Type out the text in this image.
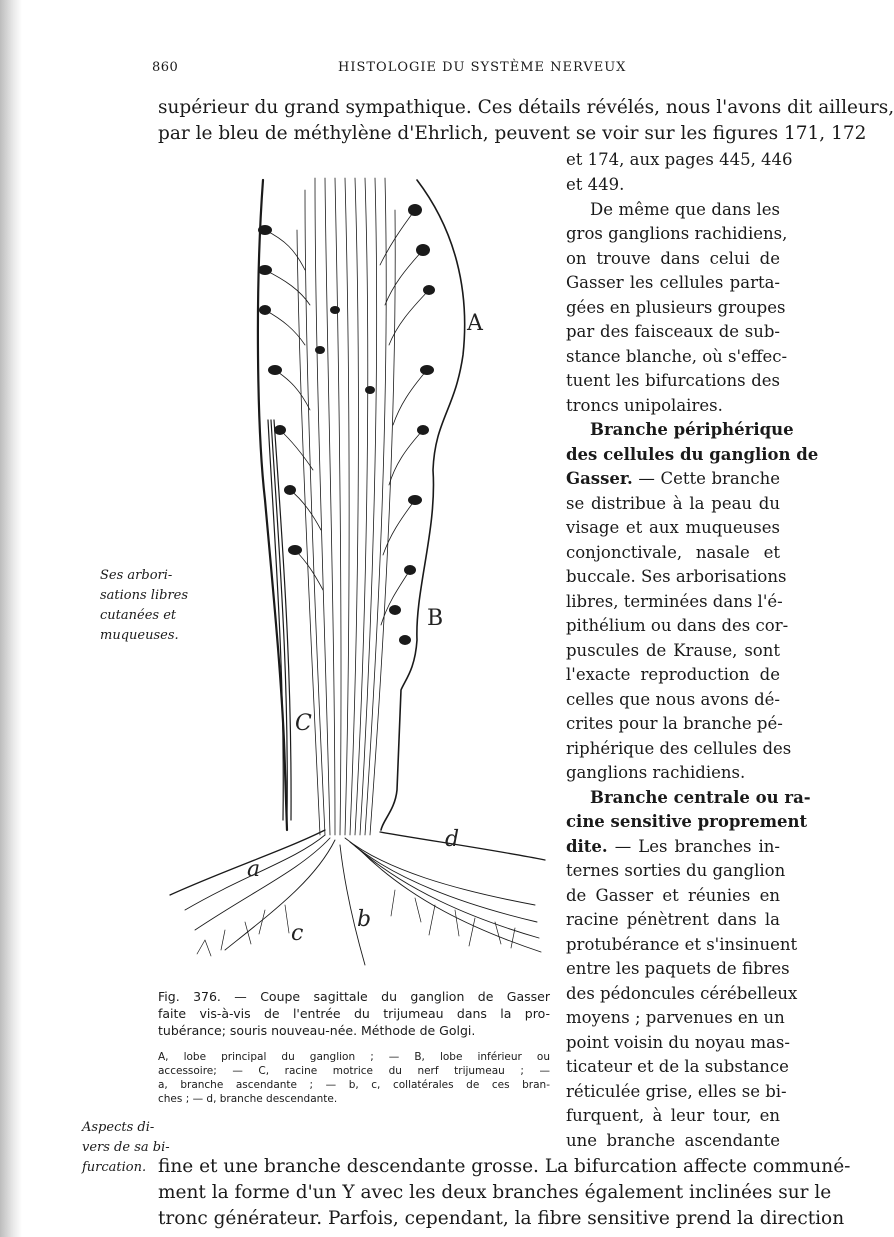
860	HISTOLOGIE DU SYSTÈME NERVEUX
supérieur du grand sympathique. Ces détails révélés, nous l'avons dit ailleurs,
par le bleu de méthylène d'Ehrlich, peuvent se voir sur les figures 171, 172
et 174, aux pages 445, 446
et 449.
De même que dans les
gros ganglions rachidiens,
on trouve dans celui de
Gasser les cellules parta-
gées en plusieurs groupes
par des faisceaux de sub-
stance blanche, où s'effec-
tuent les bifurcations des
troncs unipolaires.
Branche périphérique
des cellules du ganglion de
Gasser. — Cette branche
se distribue à la peau du
visage et aux muqueuses
conjonctivale, nasale et
buccale. Ses arborisations
libres, terminées dans l'é-
pithélium ou dans des cor-
puscules de Krause, sont
l'exacte reproduction de
celles que nous avons dé-
crites pour la branche pé-
riphérique des cellules des
ganglions rachidiens.
Branche centrale ou ra-
cine sensitive proprement
dite. — Les branches in-
ternes sorties du ganglion
de Gasser et réunies en
racine pénètrent dans la
protubérance et s'insinuent
entre les paquets de fibres
des pédoncules cérébelleux
moyens ; parvenues en un
point voisin du noyau mas-
ticateur et de la substance
réticulée grise, elles se bi-
furquent, à leur tour, en
une branche ascendante
fine et une branche descendante grosse. La bifurcation affecte communé-
ment la forme d'un Y avec les deux branches également inclinées sur le
tronc générateur. Parfois, cependant, la fibre sensitive prend la direction
Ses arbori-
sations libres
cutanées et
muqueuses.
Aspects di-
vers de sa bi-
furcation.
A
B
C
a
b
c
d
Fig. 376. — Coupe sagittale du ganglion de Gasser
faite vis-à-vis de l'entrée du trijumeau dans la pro-
tubérance; souris nouveau-née. Méthode de Golgi.
A, lobe principal du ganglion ; — B, lobe inférieur ou
accessoire; — C, racine motrice du nerf trijumeau ; —
a, branche ascendante ; — b, c, collatérales de ces bran-
ches ; — d, branche descendante.
